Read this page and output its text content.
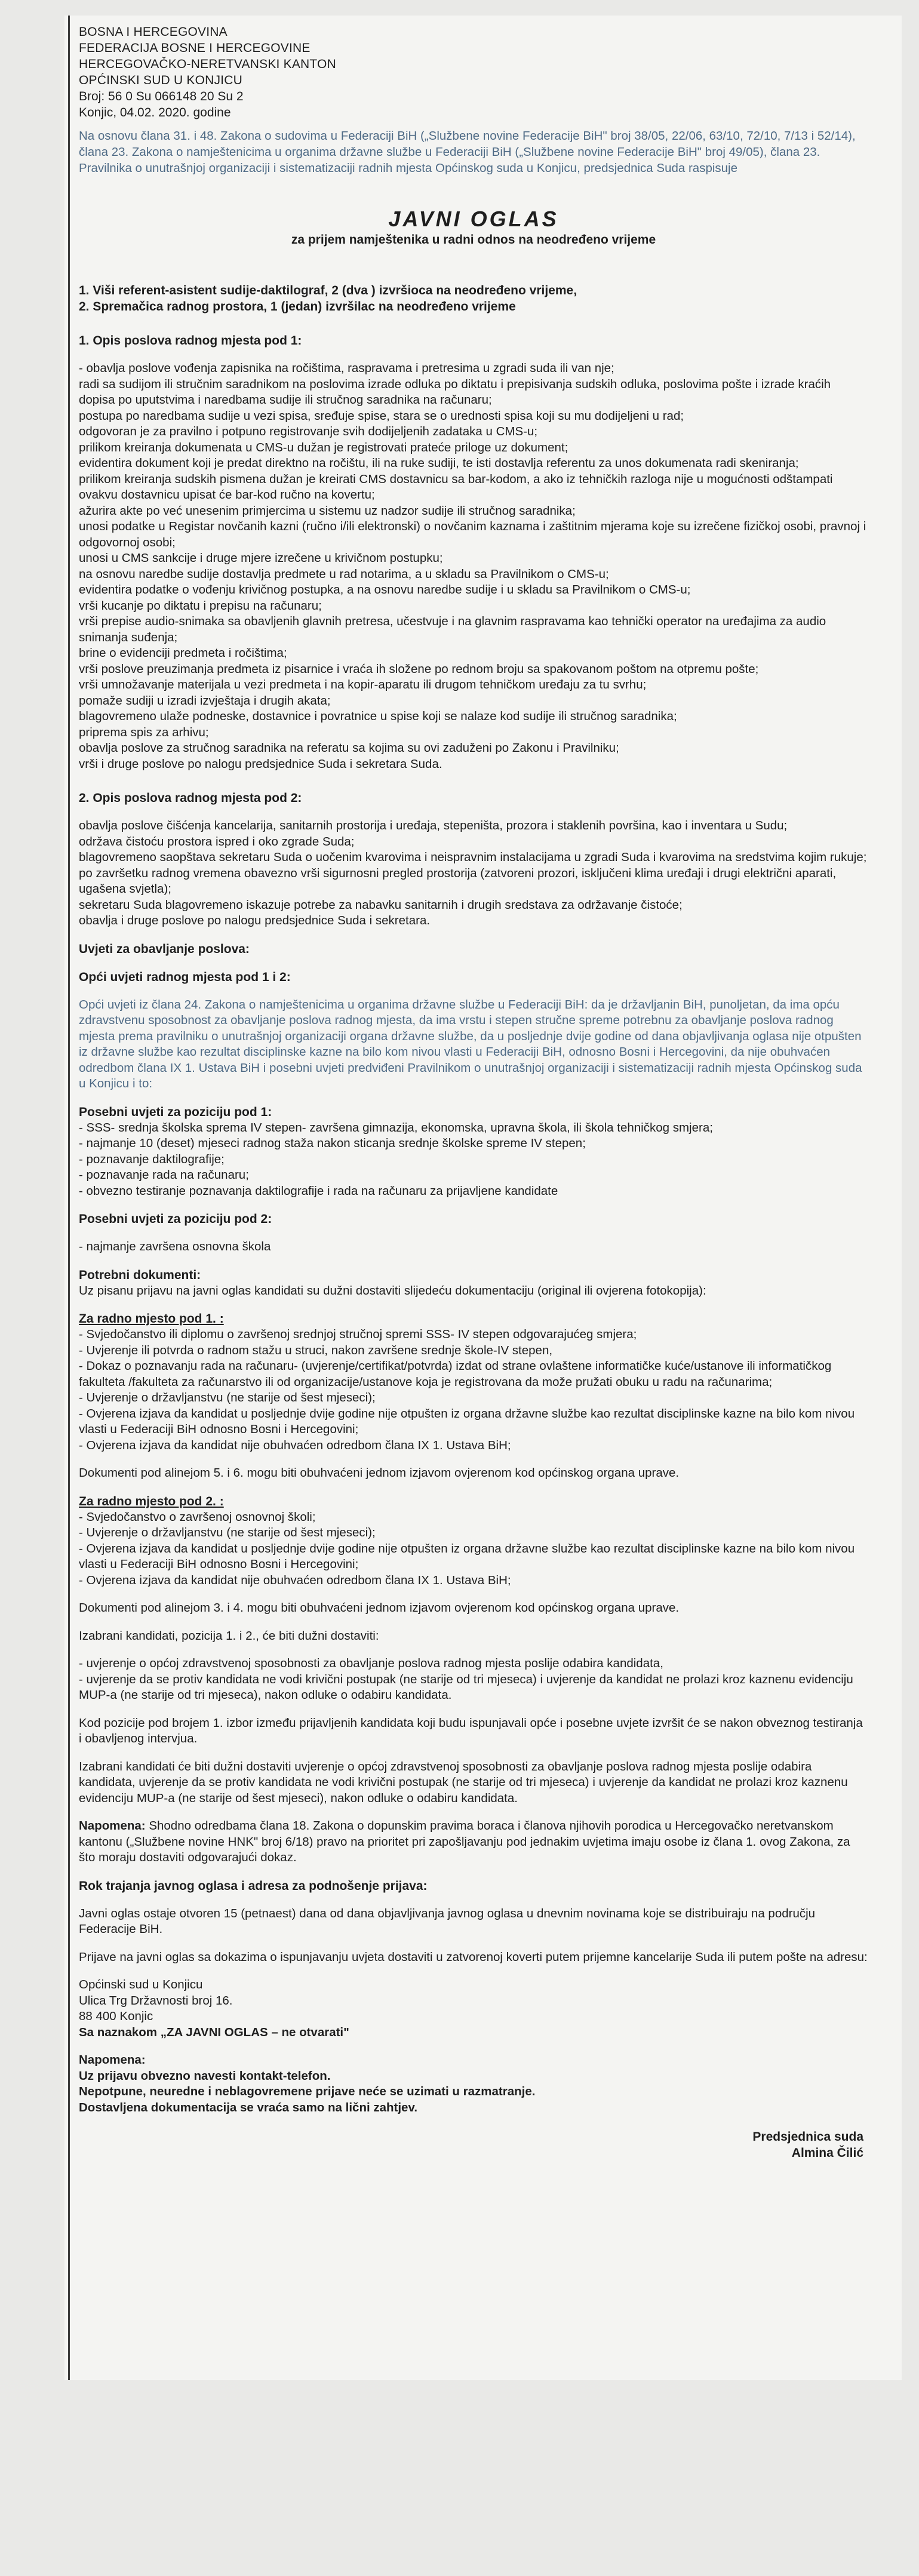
BOSNA I HERCEGOVINA
FEDERACIJA BOSNE I HERCEGOVINE
HERCEGOVAČKO-NERETVANSKI KANTON
OPĆINSKI SUD U KONJICU
Broj: 56 0 Su 066148 20 Su 2
Konjic, 04.02. 2020. godine
Na osnovu člana 31. i 48. Zakona o sudovima u Federaciji BiH („Službene novine Federacije BiH" broj 38/05, 22/06, 63/10, 72/10, 7/13 i 52/14), člana 23. Zakona o namještenicima u organima državne službe u Federaciji BiH („Službene novine Federacije BiH" broj 49/05), člana 23. Pravilnika o unutrašnjoj organizaciji i sistematizaciji radnih mjesta Općinskog suda u Konjicu, predsjednica Suda raspisuje
JAVNI OGLAS
za prijem namještenika u radni odnos na neodređeno vrijeme
1. Viši referent-asistent sudije-daktilograf, 2 (dva ) izvršioca na neodređeno vrijeme,
2. Spremačica radnog prostora, 1 (jedan) izvršilac na neodređeno vrijeme
1. Opis poslova radnog mjesta pod 1:

- obavlja poslove vođenja zapisnika na ročištima, raspravama i pretresima u zgradi suda ili van nje;

radi sa sudijom ili stručnim saradnikom na poslovima izrade odluka po diktatu i prepisivanja sudskih odluka, poslovima pošte i izrade kraćih dopisa po uputstvima i naredbama sudije ili stručnog saradnika na računaru;

postupa po naredbama sudije u vezi spisa, sređuje spise, stara se o urednosti spisa koji su mu dodijeljeni u rad;

odgovoran je za pravilno i potpuno registrovanje svih dodijeljenih zadataka u CMS-u;

prilikom kreiranja dokumenata u CMS-u dužan je registrovati prateće priloge uz dokument;

evidentira dokument koji je predat direktno na ročištu, ili na ruke sudiji, te isti dostavlja referentu za unos dokumenata radi skeniranja;

prilikom kreiranja sudskih pismena dužan je kreirati CMS dostavnicu sa bar-kodom, a ako iz tehničkih razloga nije u mogućnosti odštampati ovakvu dostavnicu upisat će bar-kod ručno na kovertu;

ažurira akte po već unesenim primjercima u sistemu uz nadzor sudije ili stručnog saradnika;

unosi podatke u Registar novčanih kazni (ručno i/ili elektronski) o novčanim kaznama i zaštitnim mjerama koje su izrečene fizičkoj osobi, pravnoj i odgovornoj osobi;

unosi u CMS sankcije i druge mjere izrečene u krivičnom postupku;

na osnovu naredbe sudije dostavlja predmete u rad notarima, a u skladu sa Pravilnikom o CMS-u;

evidentira podatke o vođenju krivičnog postupka, a na osnovu naredbe sudije i u skladu sa Pravilnikom o CMS-u;

vrši kucanje po diktatu i prepisu na računaru;

vrši prepise audio-snimaka sa obavljenih glavnih pretresa, učestvuje i na glavnim raspravama kao tehnički operator na uređajima za audio snimanja suđenja;

brine o evidenciji predmeta i ročištima;

vrši poslove preuzimanja predmeta iz pisarnice i vraća ih složene po rednom broju sa spakovanom poštom na otpremu pošte;

vrši umnožavanje materijala u vezi predmeta i na kopir-aparatu ili drugom tehničkom uređaju za tu svrhu;

pomaže sudiji u izradi izvještaja i drugih akata;

blagovremeno ulaže podneske, dostavnice i povratnice u spise koji se nalaze kod sudije ili stručnog saradnika;

priprema spis za arhivu;

obavlja poslove za stručnog saradnika na referatu sa kojima su ovi zaduženi po Zakonu i Pravilniku;

vrši i druge poslove po nalogu predsjednice Suda i sekretara Suda.

2. Opis poslova radnog mjesta pod 2:

obavlja poslove čišćenja kancelarija, sanitarnih prostorija i uređaja, stepeništa, prozora i staklenih površina, kao i inventara u Sudu;

održava čistoću prostora ispred i oko zgrade Suda;

blagovremeno saopštava sekretaru Suda o uočenim kvarovima i neispravnim instalacijama u zgradi Suda i kvarovima na sredstvima kojim rukuje;

po završetku radnog vremena obavezno vrši sigurnosni pregled prostorija (zatvoreni prozori, isključeni klima uređaji i drugi električni aparati, ugašena svjetla);

sekretaru Suda blagovremeno iskazuje potrebe za nabavku sanitarnih i drugih sredstava za održavanje čistoće;

obavlja i druge poslove po nalogu predsjednice Suda i sekretara.

Uvjeti za obavljanje poslova:
Opći uvjeti radnog mjesta pod 1 i 2:

Opći uvjeti iz člana 24. Zakona o namještenicima u organima državne službe u Federaciji BiH: da je državljanin BiH, punoljetan, da ima opću zdravstvenu sposobnost za obavljanje poslova radnog mjesta, da ima vrstu i stepen stručne spreme potrebnu za obavljanje poslova radnog mjesta prema pravilniku o unutrašnjoj organizaciji organa državne službe, da u posljednje dvije godine od dana objavljivanja oglasa nije otpušten iz državne službe kao rezultat disciplinske kazne na bilo kom nivou vlasti u Federaciji BiH, odnosno Bosni i Hercegovini, da nije obuhvaćen odredbom člana IX 1. Ustava BiH i posebni uvjeti predviđeni Pravilnikom o unutrašnjoj organizaciji i sistematizaciji radnih mjesta Općinskog suda u Konjicu i to:

Posebni uvjeti za poziciju pod 1:

- SSS- srednja školska sprema IV stepen- završena gimnazija, ekonomska, upravna škola, ili škola tehničkog smjera;

- najmanje 10 (deset) mjeseci radnog staža nakon sticanja srednje školske spreme IV stepen;

- poznavanje daktilografije;

- poznavanje rada na računaru;

- obvezno testiranje poznavanja daktilografije i rada na računaru za prijavljene kandidate

Posebni uvjeti za poziciju pod 2:

- najmanje završena osnovna škola

Potrebni dokumenti:

Uz pisanu prijavu na javni oglas kandidati su dužni dostaviti slijedeću dokumentaciju (original ili ovjerena fotokopija):

Za radno mjesto pod 1. :

- Svjedočanstvo ili diplomu o završenoj srednjoj stručnoj spremi SSS- IV stepen odgovarajućeg smjera;

- Uvjerenje ili potvrda o radnom stažu u struci, nakon završene srednje škole-IV stepen,

- Dokaz o poznavanju rada na računaru- (uvjerenje/certifikat/potvrda) izdat od strane ovlaštene informatičke kuće/ustanove ili informatičkog fakulteta /fakulteta za računarstvo ili od organizacije/ustanove koja je registrovana da može pružati obuku u radu na računarima;

- Uvjerenje o državljanstvu (ne starije od šest mjeseci);

- Ovjerena izjava da kandidat u posljednje dvije godine nije otpušten iz organa državne službe kao rezultat disciplinske kazne na bilo kom nivou vlasti u Federaciji BiH odnosno Bosni i Hercegovini;

- Ovjerena izjava da kandidat nije obuhvaćen odredbom člana IX 1. Ustava BiH;

Dokumenti pod alinejom 5. i 6. mogu biti obuhvaćeni jednom izjavom ovjerenom kod općinskog organa uprave.

Za radno mjesto pod 2. :

- Svjedočanstvo o završenoj osnovnoj školi;

- Uvjerenje o državljanstvu (ne starije od šest mjeseci);

- Ovjerena izjava da kandidat u posljednje dvije godine nije otpušten iz organa državne službe kao rezultat disciplinske kazne na bilo kom nivou vlasti u Federaciji BiH odnosno Bosni i Hercegovini;

- Ovjerena izjava da kandidat nije obuhvaćen odredbom člana IX 1. Ustava BiH;

Dokumenti pod alinejom 3. i 4. mogu biti obuhvaćeni jednom izjavom ovjerenom kod općinskog organa uprave.

Izabrani kandidati, pozicija 1. i 2., će biti dužni dostaviti:

- uvjerenje o općoj zdravstvenoj sposobnosti za obavljanje poslova radnog mjesta poslije odabira kandidata,

- uvjerenje da se protiv kandidata ne vodi krivični postupak (ne starije od tri mjeseca) i uvjerenje da kandidat ne prolazi kroz kaznenu evidenciju MUP-a (ne starije od tri mjeseca), nakon odluke o odabiru kandidata.

Kod pozicije pod brojem 1. izbor između prijavljenih kandidata koji budu ispunjavali opće i posebne uvjete izvršit će se nakon obveznog testiranja i obavljenog intervjua.

Izabrani kandidati će biti dužni dostaviti uvjerenje o općoj zdravstvenoj sposobnosti za obavljanje poslova radnog mjesta poslije odabira kandidata, uvjerenje da se protiv kandidata ne vodi krivični postupak (ne starije od tri mjeseca) i uvjerenje da kandidat ne prolazi kroz kaznenu evidenciju MUP-a (ne starije od šest mjeseci), nakon odluke o odabiru kandidata.

Napomena: Shodno odredbama člana 18. Zakona o dopunskim pravima boraca i članova njihovih porodica u Hercegovačko neretvanskom kantonu („Službene novine HNK" broj 6/18) pravo na prioritet pri zapošljavanju pod jednakim uvjetima imaju osobe iz člana 1. ovog Zakona, za što moraju dostaviti odgovarajući dokaz.

Rok trajanja javnog oglasa i adresa za podnošenje prijava:

Javni oglas ostaje otvoren 15 (petnaest) dana od dana objavljivanja javnog oglasa u dnevnim novinama koje se distribuiraju na području Federacije BiH.

Prijave na javni oglas sa dokazima o ispunjavanju uvjeta dostaviti u zatvorenoj koverti putem prijemne kancelarije Suda ili putem pošte na adresu:

Općinski sud u Konjicu

Ulica Trg Državnosti broj 16.

88 400 Konjic

Sa naznakom „ZA JAVNI OGLAS – ne otvarati"

Napomena:

Uz prijavu obvezno navesti kontakt-telefon.

Nepotpune, neuredne i neblagovremene prijave neće se uzimati u razmatranje.

Dostavljena dokumentacija se vraća samo na lični zahtjev.

Predsjednica suda
Almina Čilić
